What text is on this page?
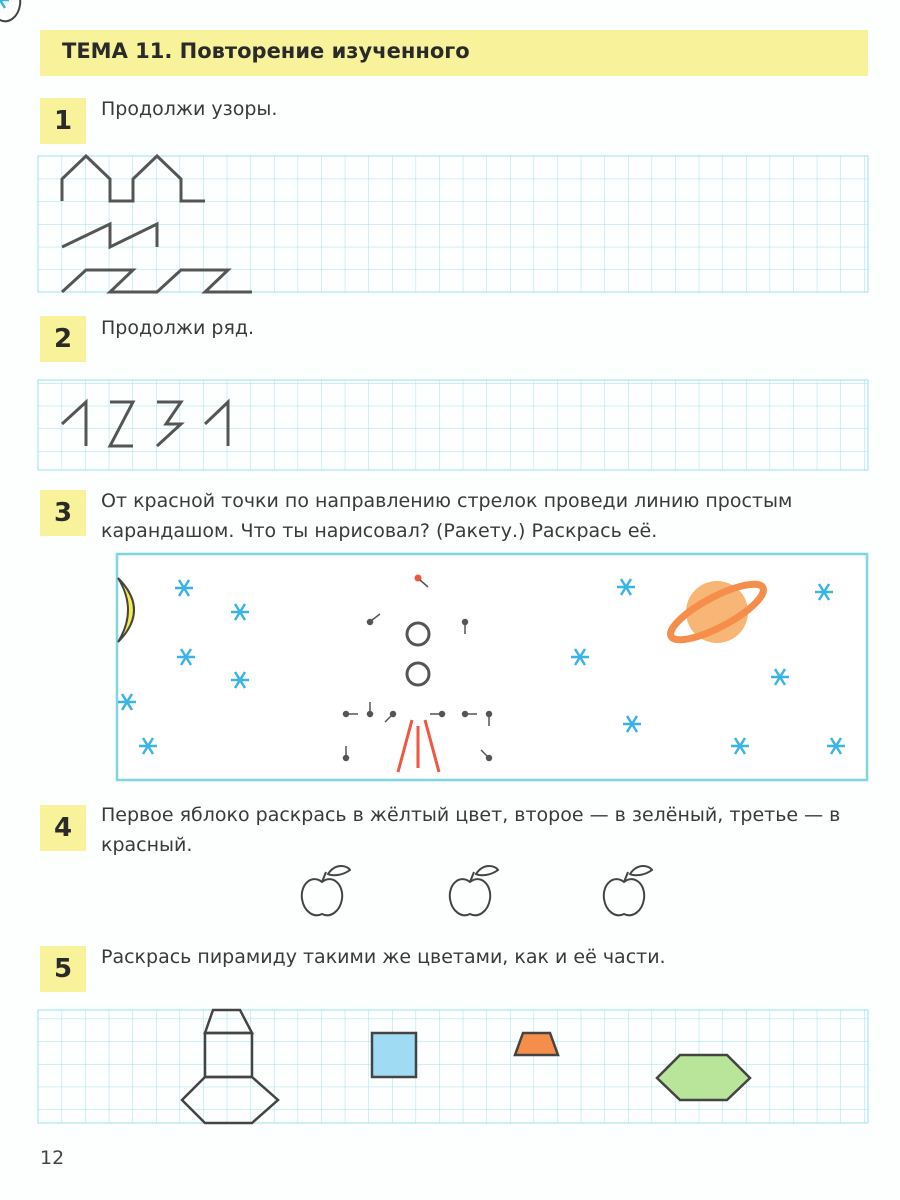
ТЕМА 11. Повторение изученного
1	Продолжи узоры.
2	Продолжи ряд.
3	От красной точки по направлению стрелок проведи линию простым карандашом. Что ты нарисовал? (Ракету.) Раскрась её.
4	Первое яблоко раскрась в жёлтый цвет, второе — в зелёный, третье — в красный.
5	Раскрась пирамиду такими же цветами, как и её части.
12
